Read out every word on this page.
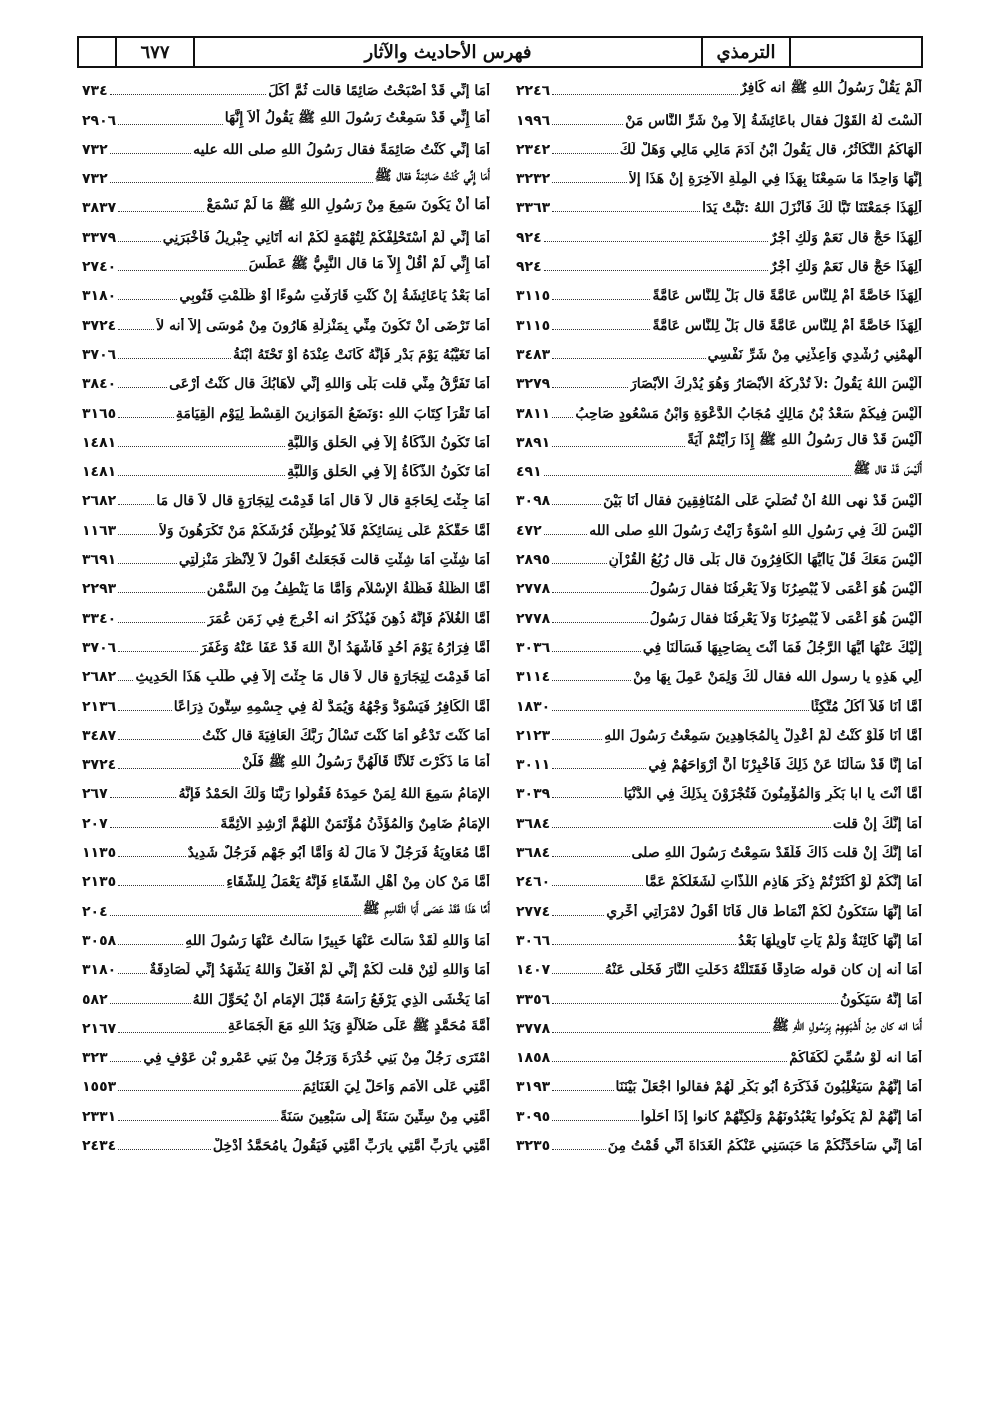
٦٧٧	فهرس الأحاديث والآثار	الترمذي
أَلَمْ يَقُلْ رَسُولُ اللهِ ﷺ انه كَافِرٌ
٢٢٤٦
أَلَسْتَ لَهُ الْقَوْلَ فقال باعَائِشَةُ إِلاَّ مِنْ شَرِّ النَّاسِ مَنْ
١٩٩٦
أَلْهَاكُمُ التَّكَاثُرُ، قال يَقُولُ ابْنُ آدَمَ مَالِي مَالِي وَهَلْ لَكَ
٢٣٤٢
إِنَّهَا وَاحِدًا مَا سَمِعْنَا بِهَذَا فِي الْمِلَّةِ الآخِرَةِ إِنْ هَذَا إِلاَّ
٣٢٣٢
أَلِهَذَا جَمَعْتَنَا تَبًّا لَكَ فَأَنْزَلَ اللهُ :تَبَّتْ يَدَا
٣٣٦٣
أَلِهَذَا حَجٌّ قال نَعَمْ وَلَكِ أَجْرٌ
٩٢٤
أَلِهَذَا حَجٌّ قال نَعَمْ وَلَكِ أَجْرٌ
٩٢٤
أَلِهَذَا خَاصَّةً أَمْ لِلنَّاسِ عَامَّةً قال بَلْ لِلنَّاسِ عَامَّةً
٣١١٥
أَلِهَذَا خَاصَّةً أَمْ لِلنَّاسِ عَامَّةً قال بَلْ لِلنَّاسِ عَامَّةً
٣١١٥
أَلْهِمْنِي رُشْدِي وَأَعِذْنِي مِنْ شَرِّ نَفْسِي
٣٤٨٣
أَلَيْسَ اللهُ يَقُولُ :لاَ تُدْرِكُهُ الأَبْصَارُ وَهُوَ يُدْرِكُ الأَبْصَارَ
٣٢٧٩
أَلَيْسَ فِيكُمْ سَعْدُ بْنُ مَالِكٍ مُجَابُ الدَّعْوَةِ وَابْنُ مَسْعُودٍ صَاحِبُ
٣٨١١
أَلَيْسَ قَدْ قال رَسُولُ اللهِ ﷺ إِذَا رَأَيْتُمْ آيَةً
٣٨٩١
أَلَيْسَ قَدْ قال ﷺ
٤٩١
أَلَيْسَ قَدْ نهى اللهُ أَنْ تُصَلِّيَ عَلَى الْمُنَافِقِينَ فقال أَنَا بَيْنَ
٣٠٩٨
أَلَيْسَ لَكَ فِي رَسُولِ اللهِ أُسْوَةٌ رَأَيْتُ رَسُولَ اللهِ صلى الله
٤٧٢
أَلَيْسَ مَعَكَ قُلْ يَاأَيُّهَا الْكَافِرُونَ قال بَلَى قال رُبُعُ الْقُرْآنِ
٢٨٩٥
أَلَيْسَ هُوَ أَعْمَى لاَ يُبْصِرُنَا وَلاَ يَعْرِفُنَا فقال رَسُولُ
٢٧٧٨
أَلَيْسَ هُوَ أَعْمَى لاَ يُبْصِرُنَا وَلاَ يَعْرِفُنَا فقال رَسُولُ
٢٧٧٨
إِلَيْكَ عَنْهَا أَيُّهَا الرَّجُلُ فَمَا أَنْتَ بِصَاحِبِهَا فَسَأَلْنَا فِي
٣٠٣٦
أَلِي هَذِهِ يا رسول الله فقال لَكَ وَلِمَنْ عَمِلَ بِهَا مِنْ
٣١١٤
أَمَّا أَنَا فَلاَ آكُلُ مُتَّكِئًا
١٨٣٠
أَمَّا أَنَا فَلَوْ كُنْتُ لَمْ أَعْدِلْ بِالْمُجَاهِدِينَ سَمِعْتُ رَسُولَ اللهِ
٢١٢٣
أَمَا إِنَّا قَدْ سَأَلْنَا عَنْ ذَلِكَ فَأُخْبِرْنَا أَنَّ أَرْوَاحَهُمْ فِي
٣٠١١
أَمَّا أَنْتَ يا ابا بَكْرٍ وَالْمُؤْمِنُونَ فَتُجْزَوْنَ بِذَلِكَ فِي الدُّنْيَا
٣٠٣٩
أَمَا إِنَّكَ إِنْ قلت
٣٦٨٤
أَمَا إِنَّكَ إِنْ قلت ذَاكَ فَلَقَدْ سَمِعْتُ رَسُولَ اللهِ صلى
٣٦٨٤
أَمَا إِنَّكُمْ لَوْ أَكْثَرْتُمْ ذِكْرَ هَاذِمِ اللَّذَّاتِ لَشَغَلَكُمْ عَمَّا
٢٤٦٠
أَمَا إِنَّهَا سَتَكُونُ لَكُمْ أَنْمَاطٌ قال فَأَنَا أَقُولُ لامْرَأَتِي أَخِّرِي
٢٧٧٤
أَمَا إِنَّهَا كَائِنَةٌ وَلَمْ يَأْتِ تَأْوِيلُهَا بَعْدُ
٣٠٦٦
أَمَا أَنه إِن كان قوله صَادِقًا فَقَتَلَتْهُ دَخَلَتِ النَّارَ فَخَلَّى عَنْهُ
١٤٠٧
أَمَا إِنَّهُ سَيَكُونُ
٣٣٥٦
أَمَا انه كان مِنْ أَشْبَهِهِمْ بِرَسُولِ اللهِ ﷺ
٣٧٧٨
أَمَا انه لَوْ سُمِّيَ لَكَفَاكُمْ
١٨٥٨
أَمَا إِنَّهُمْ سَيَغْلِبُونَ فَذَكَرَهُ أَبُو بَكْرٍ لَهُمْ فقالوا اجْعَلْ بَيْنَنَا
٣١٩٣
أَمَا إِنَّهُمْ لَمْ يَكُونُوا يَعْبُدُونَهُمْ وَلَكِنَّهُمْ كانوا إِذَا أَحَلُّوا
٣٠٩٥
أَمَا إِنِّي سَأُحَدِّثُكُمْ مَا حَبَسَنِي عَنْكُمُ الْغَدَاةَ أَنِّي قُمْتُ مِنَ
٣٢٣٥
أَمَا إِنِّي قَدْ أَصْبَحْتُ صَائِمًا قالت ثُمَّ أَكَلَ
٧٣٤
أَمَا إِنِّي قَدْ سَمِعْتُ رَسُولَ اللهِ ﷺ يَقُولُ أَلاَ إِنَّهَا
٢٩٠٦
أَمَا إِنِّي كُنْتُ صَائِمَةً فقال رَسُولُ اللهِ صلى الله عليه
٧٣٢
أَمَا إِنِّي كُنْتُ صَائِمَةً فقال ﷺ
٧٣٢
أَمَا أَنْ يَكُونَ سَمِعَ مِنْ رَسُولِ اللهِ ﷺ مَا لَمْ نَسْمَعْ
٣٨٣٧
أَمَا إِنِّي لَمْ أَسْتَحْلِفْكُمْ لِتُهْمَةٍ لَكُمْ انه أَتَانِي جِبْرِيلُ فَأَخْبَرَنِي
٣٣٧٩
أَمَا إِنِّي لَمْ أَقُلْ إِلاَّ مَا قال النَّبِيُّ ﷺ عَطَسَ
٢٧٤٠
أَمَا بَعْدُ يَاعَائِشَةُ إِنْ كُنْتِ قَارَفْتِ سُوءًا أَوْ ظَلَمْتِ فَتُوبِي
٣١٨٠
أَمَا تَرْضَى أَنْ تَكُونَ مِنِّي بِمَنْزِلَةِ هَارُونَ مِنْ مُوسَى إِلاَّ أنه لاَ
٣٧٢٤
أَمَا تَغَيُّبُهُ يَوْمَ بَدْرٍ فَإِنَّهُ كَانَتْ عِنْدَهُ أَوْ تَحْتَهُ ابْنَةُ
٣٧٠٦
أَمَا تَفَرُّقُ مِنِّي قلت بَلَى وَاللهِ إِنِّي لأَهَابُكَ قال كُنْتُ أَرْعَى
٣٨٤٠
أَمَا تَقْرَأُ كِتَابَ اللهِ :وَنَضَعُ الْمَوَازِينَ الْقِسْطَ لِيَوْمِ الْقِيَامَةِ
٣١٦٥
أَمَا تَكُونُ الذَّكَاةُ إِلاَّ فِي الْحَلْقِ وَاللَّبَّةِ
١٤٨١
أَمَا تَكُونُ الذَّكَاةُ إِلاَّ فِي الْحَلْقِ وَاللَّبَّةِ
١٤٨١
أَمَا جِئْتَ لِحَاجَةٍ قال لاَ قال أَمَا قَدِمْتَ لِتِجَارَةٍ قال لاَ قال مَا
٢٦٨٢
أَمَّا حَقُّكُمْ عَلَى نِسَائِكُمْ فَلاَ يُوطِئْنَ فُرُشَكُمْ مَنْ تَكْرَهُونَ وَلاَ
١١٦٣
أَمَا شِئْتِ أَمَا شِئْتِ قالت فَجَعَلْتُ أَقُولُ لاَ لِأَنْظُرَ مَنْزِلَتِي
٣٦٩١
أَمَّا الظُّلَّةُ فَظُلَّةُ الإِسْلاَمِ وَأَمَّا مَا يَنْطِفُ مِنَ السَّمْنِ
٢٢٩٣
أَمَّا الْغُلاَمُ فَإِنَّهُ ذُهِنَ فَيُذْكَرُ انه أُخْرِجَ فِي زَمَنِ عُمَرَ
٣٣٤٠
أَمَّا فِرَارُهُ يَوْمَ أُحُدٍ فَأَشْهَدُ أَنَّ اللهَ قَدْ عَفَا عَنْهُ وَغَفَرَ
٣٧٠٦
أَمَا قَدِمْتَ لِتِجَارَةٍ قال لاَ قال مَا جِئْتَ إِلاَّ فِي طَلَبِ هَذَا الْحَدِيثِ
٢٦٨٢
أَمَّا الْكَافِرُ فَيَسْوَدُّ وَجْهُهُ وَيُمَدُّ لَهُ فِي جِسْمِهِ سِتُّونَ ذِرَاعًا
٢١٣٦
أَمَا كُنْتَ تَدْعُو أَمَا كُنْتَ تَسْأَلُ رَبَّكَ الْعَافِيَةَ قال كُنْتُ
٣٤٨٧
أَمَا مَا ذَكَرْتَ ثَلاَثًا قَالَهُنَّ رَسُولُ اللهِ ﷺ فَلَنْ
٣٧٢٤
الإِمَامُ سَمِعَ اللهُ لِمَنْ حَمِدَهُ فَقُولُوا رَبَّنَا وَلَكَ الْحَمْدُ فَإِنَّهُ
٢٦٧
الإِمَامُ ضَامِنٌ وَالْمُؤَذِّنُ مُؤْتَمَنٌ اللَّهُمَّ أَرْشِدِ الأَئِمَّةَ
٢٠٧
أَمَّا مُعَاوِيَةُ فَرَجُلٌ لاَ مَالَ لَهُ وَأَمَّا أَبُو جَهْمٍ فَرَجُلٌ شَدِيدٌ
١١٣٥
أَمَّا مَنْ كان مِنْ أَهْلِ الشَّقَاءِ فَإِنَّهُ يَعْمَلُ لِلشَّقَاءِ
٢١٣٥
أَمَّا هَذَا فَقَدْ عَصَى أَبَا الْقَاسِمِ ﷺ
٢٠٤
أَمَا وَاللهِ لَقَدْ سَأَلْتَ عَنْهَا خَبِيرًا سَأَلْتُ عَنْهَا رَسُولَ اللهِ
٣٠٥٨
أَمَا وَاللهِ لَئِنْ قلت لَكُمْ إِنِّي لَمْ أَفْعَلْ وَاللهُ يَشْهَدُ إِنِّي لَصَادِقَةٌ
٣١٨٠
أَمَا يَخْشَى الَّذِي يَرْفَعُ رَأْسَهُ قَبْلَ الإِمَامِ أَنْ يُحَوِّلَ اللهُ
٥٨٢
أُمَّةَ مُحَمَّدٍ ﷺ عَلَى ضَلاَلَةٍ وَيَدُ اللهِ مَعَ الْجَمَاعَةِ
٢١٦٧
امْتَرَى رَجُلٌ مِنْ بَنِي خُدْرَةَ وَرَجُلٌ مِنْ بَنِي عَمْرِو بْنِ عَوْفٍ فِي
٣٢٣
أُمَّتِي عَلَى الأُمَمِ وَأَحَلَّ لِيَ الْغَنَائِمَ
١٥٥٣
أُمَّتِي مِنْ سِتِّينَ سَنَةً إِلَى سَبْعِينَ سَنَةً
٢٣٣١
أُمَّتِي يارَبِّ أُمَّتِي يارَبِّ أُمَّتِي فَيَقُولُ يامُحَمَّدُ أَدْخِلْ
٢٤٣٤
